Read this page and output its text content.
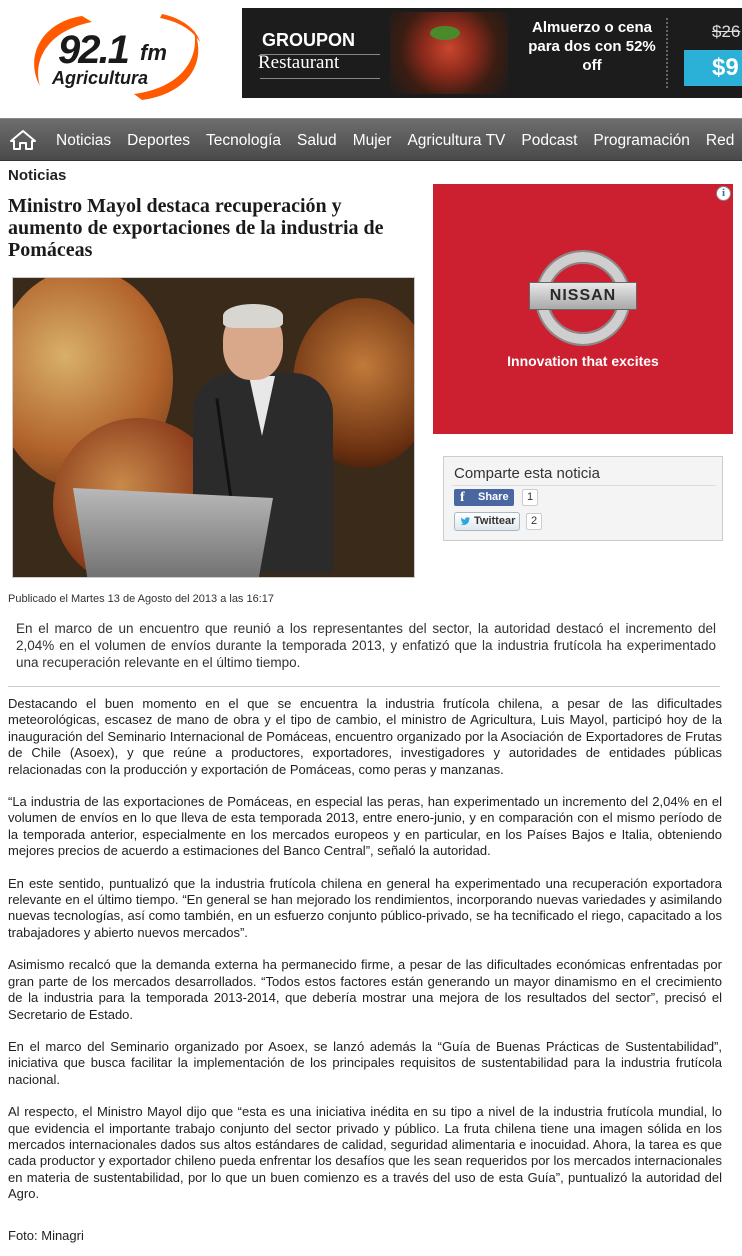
92.1 fm
Agricultura
GROUPON
Restaurant
Almuerzo o cena para dos con 52% off
$26
$9
Noticias	Deportes	Tecnología	Salud	Mujer	Agricultura TV	Podcast	Programación	Red
Noticias
Ministro Mayol destaca recuperación y aumento de exportaciones de la industria de Pomáceas
Publicado el Martes 13 de Agosto del 2013 a las 16:17

En el marco de un encuentro que reunió a los representantes del sector, la autoridad destacó el incremento del 2,04% en el volumen de envíos durante la temporada 2013, y enfatizó que la industria frutícola ha experimentado una recuperación relevante en el último tiempo.

Destacando el buen momento en el que se encuentra la industria frutícola chilena, a pesar de las dificultades meteorológicas, escasez de mano de obra y el tipo de cambio, el ministro de Agricultura, Luis Mayol, participó hoy de la inauguración del Seminario Internacional de Pomáceas, encuentro organizado por la Asociación de Exportadores de Frutas de Chile (Asoex), y que reúne a productores, exportadores, investigadores y autoridades de entidades públicas relacionadas con la producción y exportación de Pomáceas, como peras y manzanas.

“La industria de las exportaciones de Pomáceas, en especial las peras, han experimentado un incremento del 2,04% en el volumen de envíos en lo que lleva de esta temporada 2013, entre enero-junio, y en comparación con el mismo período de la temporada anterior, especialmente en los mercados europeos y en particular, en los Países Bajos e Italia, obteniendo mejores precios de acuerdo a estimaciones del Banco Central”, señaló la autoridad.

En este sentido, puntualizó que la industria frutícola chilena en general ha experimentado una recuperación exportadora relevante en el último tiempo. “En general se han mejorado los rendimientos, incorporando nuevas variedades y asimilando nuevas tecnologías, así como también, en un esfuerzo conjunto público-privado, se ha tecnificado el riego, capacitado a los trabajadores y abierto nuevos mercados”.

Asimismo recalcó que la demanda externa ha permanecido firme, a pesar de las dificultades económicas enfrentadas por gran parte de los mercados desarrollados. “Todos estos factores están generando un mayor dinamismo en el crecimiento de la industria para la temporada 2013-2014, que debería mostrar una mejora de los resultados del sector”, precisó el Secretario de Estado.

En el marco del Seminario organizado por Asoex, se lanzó además la “Guía de Buenas Prácticas de Sustentabilidad”, iniciativa que busca facilitar la implementación de los principales requisitos de sustentabilidad para la industria frutícola nacional.

Al respecto, el Ministro Mayol dijo que “esta es una iniciativa inédita en su tipo a nivel de la industria frutícola mundial, lo que evidencia el importante trabajo conjunto del sector privado y público. La fruta chilena tiene una imagen sólida en los mercados internacionales dados sus altos estándares de calidad, seguridad alimentaria e inocuidad. Ahora, la tarea es que cada productor y exportador chileno pueda enfrentar los desafíos que les sean requeridos por los mercados internacionales en materia de sustentabilidad, por lo que un buen comienzo es a través del uso de esta Guía”, puntualizó la autoridad del Agro.

Foto: Minagri
i
NISSAN
Innovation that excites
Comparte esta noticia
f Share	1
Twittear	2
